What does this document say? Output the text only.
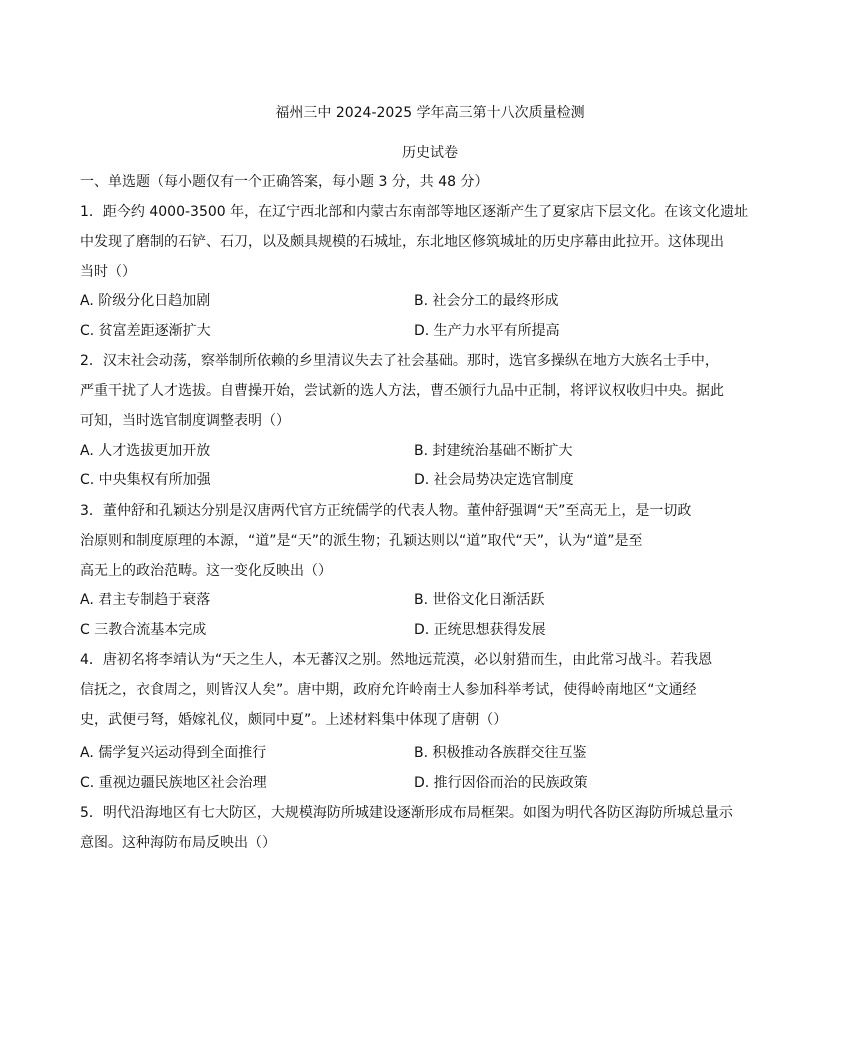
福州三中 2024-2025 学年高三第十八次质量检测
历史试卷
一、单选题（每小题仅有一个正确答案，每小题 3 分，共 48 分）
1．距今约 4000-3500 年，在辽宁西北部和内蒙古东南部等地区逐渐产生了夏家店下层文化。在该文化遗址
中发现了磨制的石铲、石刀，以及颇具规模的石城址，东北地区修筑城址的历史序幕由此拉开。这体现出
当时（）
A. 阶级分化日趋加剧	B. 社会分工的最终形成
C. 贫富差距逐渐扩大	D. 生产力水平有所提高
2．汉末社会动荡，察举制所依赖的乡里清议失去了社会基础。那时，选官多操纵在地方大族名士手中，
严重干扰了人才选拔。自曹操开始，尝试新的选人方法，曹丕颁行九品中正制，将评议权收归中央。据此
可知，当时选官制度调整表明（）
A. 人才选拔更加开放	B. 封建统治基础不断扩大
C. 中央集权有所加强	D. 社会局势决定选官制度
3．董仲舒和孔颖达分别是汉唐两代官方正统儒学的代表人物。董仲舒强调“天”至高无上，是一切政
治原则和制度原理的本源，“道”是“天”的派生物；孔颖达则以“道”取代“天”，认为“道”是至
高无上的政治范畴。这一变化反映出（）
A. 君主专制趋于衰落	B. 世俗文化日渐活跃
C 三教合流基本完成	D. 正统思想获得发展
4．唐初名将李靖认为“天之生人，本无蕃汉之别。然地远荒漠，必以射猎而生，由此常习战斗。若我恩
信抚之，衣食周之，则皆汉人矣”。唐中期，政府允许岭南士人参加科举考试，使得岭南地区“文通经
史，武便弓弩，婚嫁礼仪，颇同中夏”。上述材料集中体现了唐朝（）
A. 儒学复兴运动得到全面推行	B. 积极推动各族群交往互鉴
C. 重视边疆民族地区社会治理	D. 推行因俗而治的民族政策
5．明代沿海地区有七大防区，大规模海防所城建设逐渐形成布局框架。如图为明代各防区海防所城总量示
意图。这种海防布局反映出（）
